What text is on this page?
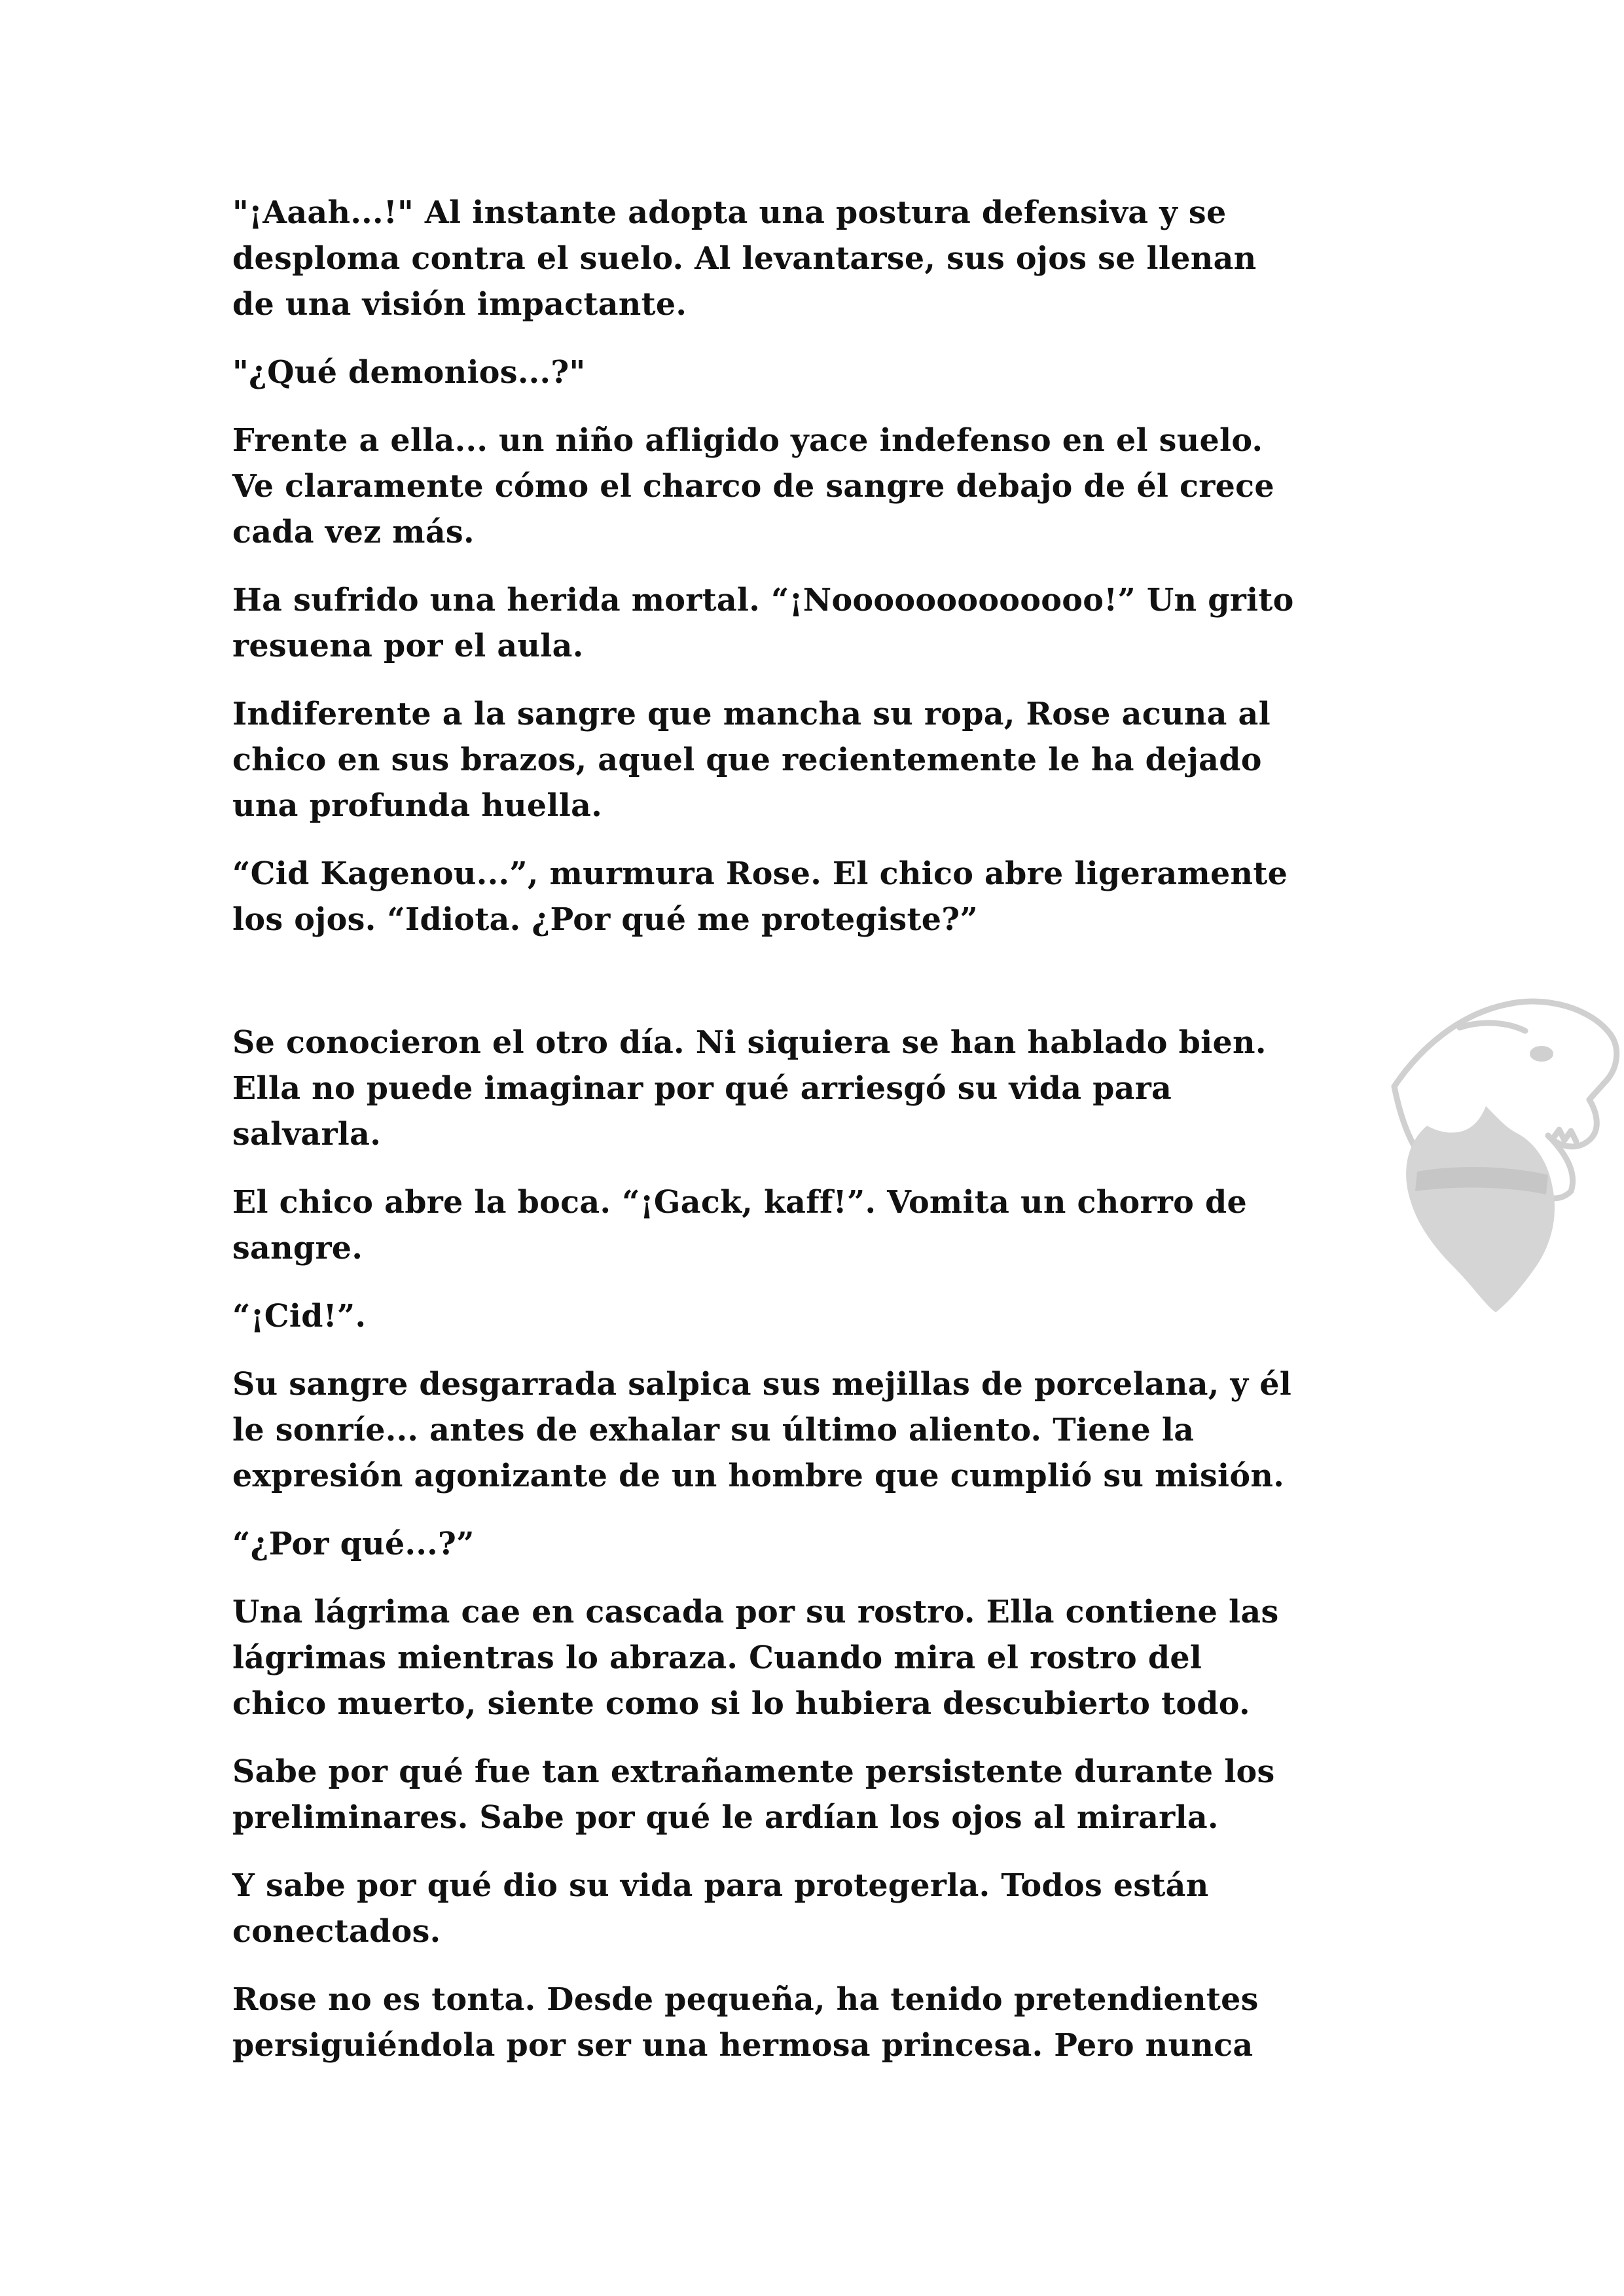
"¡Aaah...!" Al instante adopta una postura defensiva y se
desploma contra el suelo. Al levantarse, sus ojos se llenan
de una visión impactante.

"¿Qué demonios...?"

Frente a ella... un niño afligido yace indefenso en el suelo.
Ve claramente cómo el charco de sangre debajo de él crece
cada vez más.

Ha sufrido una herida mortal. “¡Nooooooooooooo!” Un grito
resuena por el aula.

Indiferente a la sangre que mancha su ropa, Rose acuna al
chico en sus brazos, aquel que recientemente le ha dejado
una profunda huella.

“Cid Kagenou...”, murmura Rose. El chico abre ligeramente
los ojos. “Idiota. ¿Por qué me protegiste?”

Se conocieron el otro día. Ni siquiera se han hablado bien.
Ella no puede imaginar por qué arriesgó su vida para
salvarla.

El chico abre la boca. “¡Gack, kaff!”. Vomita un chorro de
sangre.

“¡Cid!”.

Su sangre desgarrada salpica sus mejillas de porcelana, y él
le sonríe... antes de exhalar su último aliento. Tiene la
expresión agonizante de un hombre que cumplió su misión.

“¿Por qué...?”

Una lágrima cae en cascada por su rostro. Ella contiene las
lágrimas mientras lo abraza. Cuando mira el rostro del
chico muerto, siente como si lo hubiera descubierto todo.

Sabe por qué fue tan extrañamente persistente durante los
preliminares. Sabe por qué le ardían los ojos al mirarla.

Y sabe por qué dio su vida para protegerla. Todos están
conectados.

Rose no es tonta. Desde pequeña, ha tenido pretendientes
persiguiéndola por ser una hermosa princesa. Pero nunca
